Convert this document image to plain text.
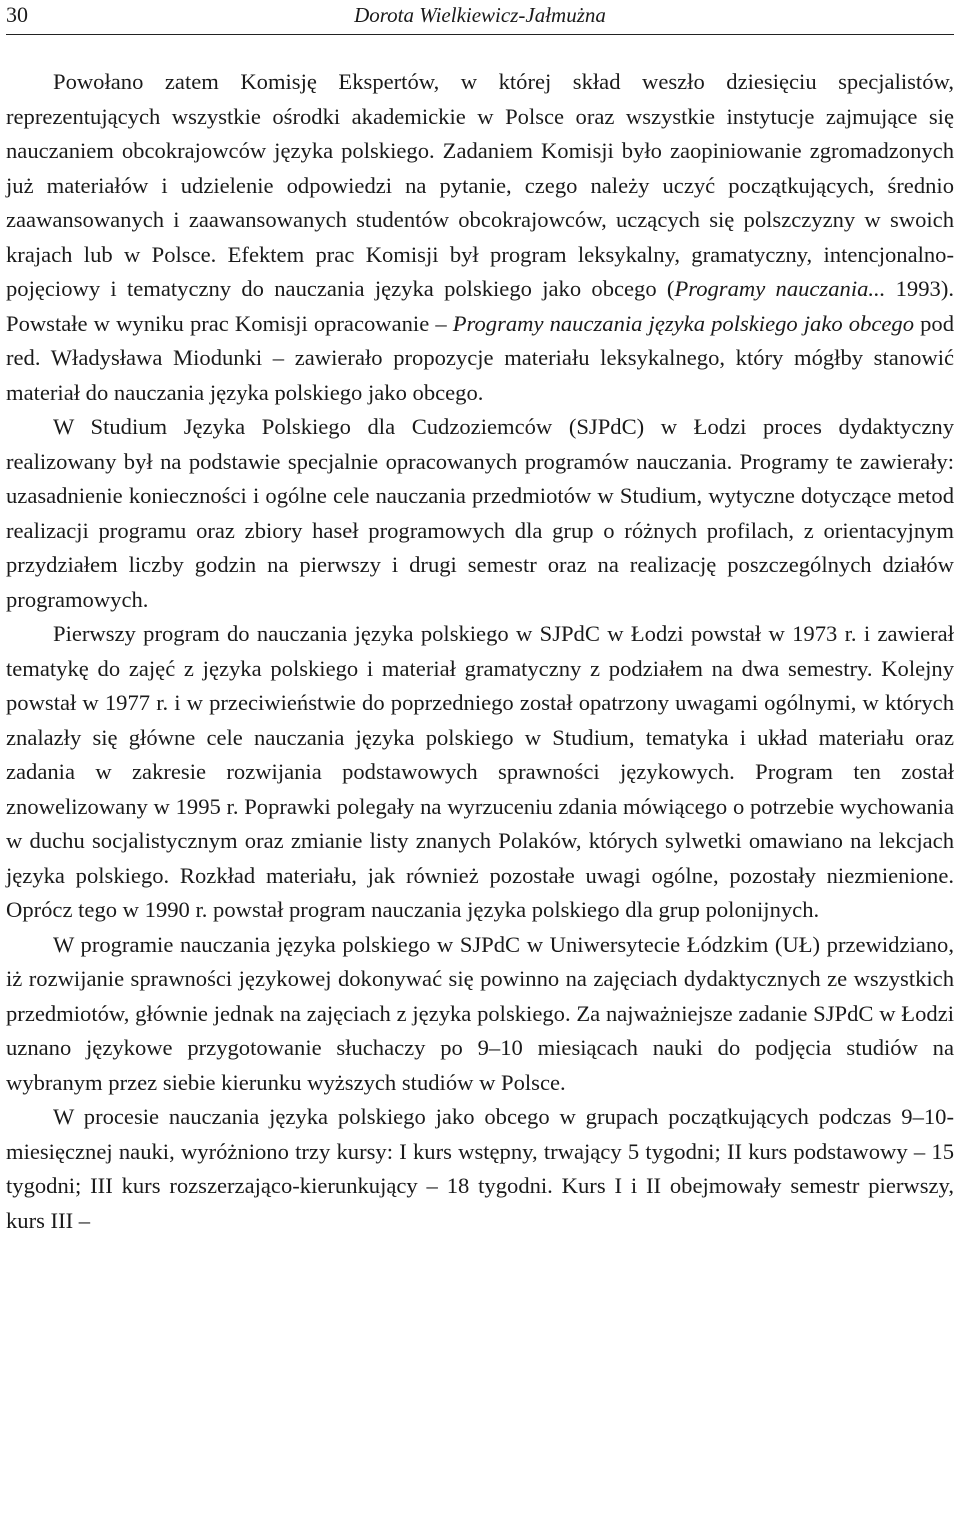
30	Dorota Wielkiewicz-Jałmużna

Powołano zatem Komisję Ekspertów, w której skład weszło dziesięciu specjalistów, reprezentujących wszystkie ośrodki akademickie w Polsce oraz wszystkie instytucje zajmujące się nauczaniem obcokrajowców języka polskiego. Zadaniem Komisji było zaopiniowanie zgromadzonych już materiałów i udzielenie odpowiedzi na pytanie, czego należy uczyć początkujących, średnio zaawansowanych i zaawansowanych studentów obcokrajowców, uczących się polszczyzny w swoich krajach lub w Polsce. Efektem prac Komisji był program leksykalny, gramatyczny, intencjonalno-pojęciowy i tematyczny do nauczania języka polskiego jako obcego (Programy nauczania... 1993). Powstałe w wyniku prac Komisji opracowanie – Programy nauczania języka polskiego jako obcego pod red. Władysława Miodunki – zawierało propozycje materiału leksykalnego, który mógłby stanowić materiał do nauczania języka polskiego jako obcego.

W Studium Języka Polskiego dla Cudzoziemców (SJPdC) w Łodzi proces dydaktyczny realizowany był na podstawie specjalnie opracowanych programów nauczania. Programy te zawierały: uzasadnienie konieczności i ogólne cele nauczania przedmiotów w Studium, wytyczne dotyczące metod realizacji programu oraz zbiory haseł programowych dla grup o różnych profilach, z orientacyjnym przydziałem liczby godzin na pierwszy i drugi semestr oraz na realizację poszczególnych działów programowych.

Pierwszy program do nauczania języka polskiego w SJPdC w Łodzi powstał w 1973 r. i zawierał tematykę do zajęć z języka polskiego i materiał gramatyczny z podziałem na dwa semestry. Kolejny powstał w 1977 r. i w przeciwieństwie do poprzedniego został opatrzony uwagami ogólnymi, w których znalazły się główne cele nauczania języka polskiego w Studium, tematyka i układ materiału oraz zadania w zakresie rozwijania podstawowych sprawności językowych. Program ten został znowelizowany w 1995 r. Poprawki polegały na wyrzuceniu zdania mówiącego o potrzebie wychowania w duchu socjalistycznym oraz zmianie listy znanych Polaków, których sylwetki omawiano na lekcjach języka polskiego. Rozkład materiału, jak również pozostałe uwagi ogólne, pozostały niezmienione. Oprócz tego w 1990 r. powstał program nauczania języka polskiego dla grup polonijnych.

W programie nauczania języka polskiego w SJPdC w Uniwersytecie Łódzkim (UŁ) przewidziano, iż rozwijanie sprawności językowej dokonywać się powinno na zajęciach dydaktycznych ze wszystkich przedmiotów, głównie jednak na zajęciach z języka polskiego. Za najważniejsze zadanie SJPdC w Łodzi uznano językowe przygotowanie słuchaczy po 9–10 miesiącach nauki do podjęcia studiów na wybranym przez siebie kierunku wyższych studiów w Polsce.

W procesie nauczania języka polskiego jako obcego w grupach początkujących podczas 9–10-miesięcznej nauki, wyróżniono trzy kursy: I kurs wstępny, trwający 5 tygodni; II kurs podstawowy – 15 tygodni; III kurs rozszerzająco-kierunkujący – 18 tygodni. Kurs I i II obejmowały semestr pierwszy, kurs III –
